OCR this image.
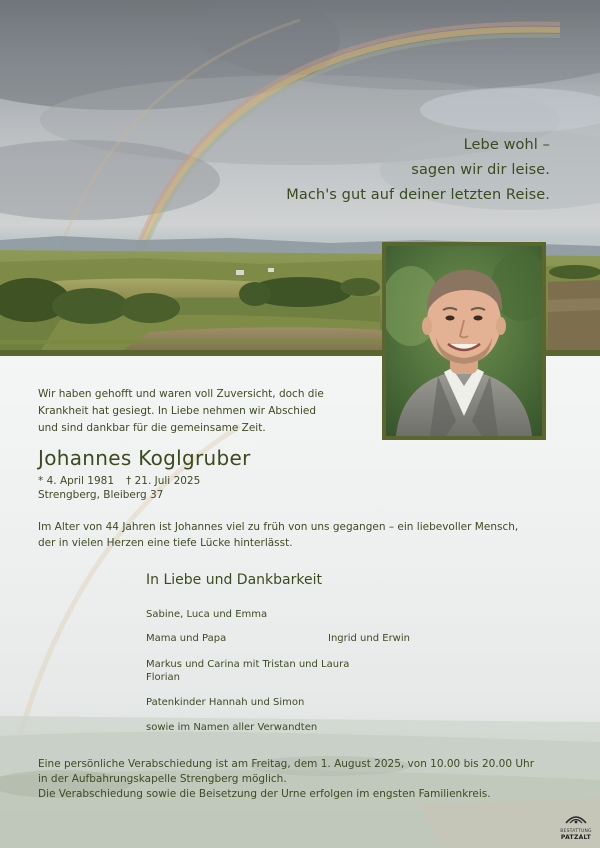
Lebe wohl –
sagen wir dir leise.
Mach's gut auf deiner letzten Reise.
Wir haben gehofft und waren voll Zuversicht, doch die
Krankheit hat gesiegt. In Liebe nehmen wir Abschied
und sind dankbar für die gemeinsame Zeit.
Johannes Koglgruber
* 4. April 1981 † 21. Juli 2025
Strengberg, Bleiberg 37
Im Alter von 44 Jahren ist Johannes viel zu früh von uns gegangen – ein liebevoller Mensch,
der in vielen Herzen eine tiefe Lücke hinterlässt.
In Liebe und Dankbarkeit
Sabine, Luca und Emma
Mama und Papa	Ingrid und Erwin
Markus und Carina mit Tristan und Laura
Florian
Patenkinder Hannah und Simon
sowie im Namen aller Verwandten
Eine persönliche Verabschiedung ist am Freitag, dem 1. August 2025, von 10.00 bis 20.00 Uhr
in der Aufbahrungskapelle Strengberg möglich.
Die Verabschiedung sowie die Beisetzung der Urne erfolgen im engsten Familienkreis.
BESTATTUNG
PATZALT
